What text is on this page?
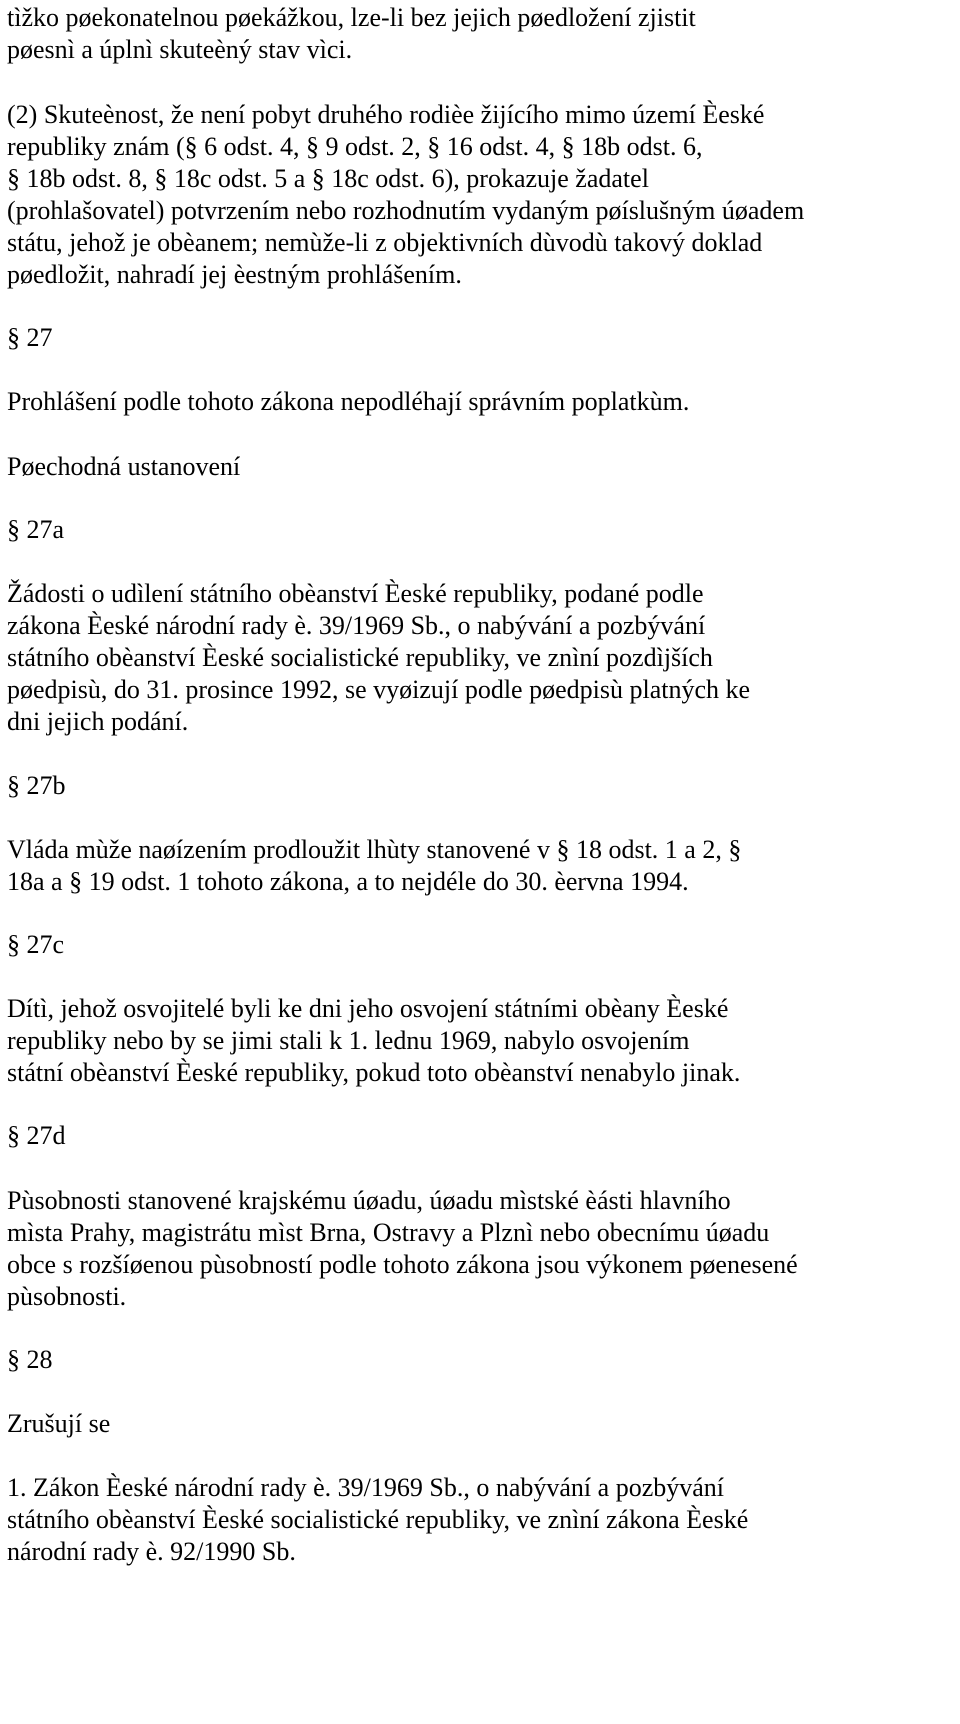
tìžko pøekonatelnou pøekážkou, lze-li bez jejich pøedložení zjistit
pøesnì a úplnì skuteèný stav vìci.
(2) Skuteènost, že není pobyt druhého rodièe žijícího mimo území Èeské
republiky znám (§ 6 odst. 4, § 9 odst. 2, § 16 odst. 4, § 18b odst. 6,
§ 18b odst. 8, § 18c odst. 5 a § 18c odst. 6), prokazuje žadatel
(prohlašovatel) potvrzením nebo rozhodnutím vydaným pøíslušným úøadem
státu, jehož je obèanem; nemùže-li z objektivních dùvodù takový doklad
pøedložit, nahradí jej èestným prohlášením.
§ 27
Prohlášení podle tohoto zákona nepodléhají správním poplatkùm.
Pøechodná ustanovení
§ 27a
Žádosti o udìlení státního obèanství Èeské republiky, podané podle
zákona Èeské národní rady è. 39/1969 Sb., o nabývání a pozbývání
státního obèanství Èeské socialistické republiky, ve znìní pozdìjších
pøedpisù, do 31. prosince 1992, se vyøizují podle pøedpisù platných ke
dni jejich podání.
§ 27b
Vláda mùže naøízením prodloužit lhùty stanovené v § 18 odst. 1 a 2, §
18a a § 19 odst. 1 tohoto zákona, a to nejdéle do 30. èervna 1994.
§ 27c
Dítì, jehož osvojitelé byli ke dni jeho osvojení státními obèany Èeské
republiky nebo by se jimi stali k 1. lednu 1969, nabylo osvojením
státní obèanství Èeské republiky, pokud toto obèanství nenabylo jinak.
§ 27d
Pùsobnosti stanovené krajskému úøadu, úøadu mìstské èásti hlavního
mìsta Prahy, magistrátu mìst Brna, Ostravy a Plznì nebo obecnímu úøadu
obce s rozšíøenou pùsobností podle tohoto zákona jsou výkonem pøenesené
pùsobnosti.
§ 28
Zrušují se
1. Zákon Èeské národní rady è. 39/1969 Sb., o nabývání a pozbývání
státního obèanství Èeské socialistické republiky, ve znìní zákona Èeské
národní rady è. 92/1990 Sb.
